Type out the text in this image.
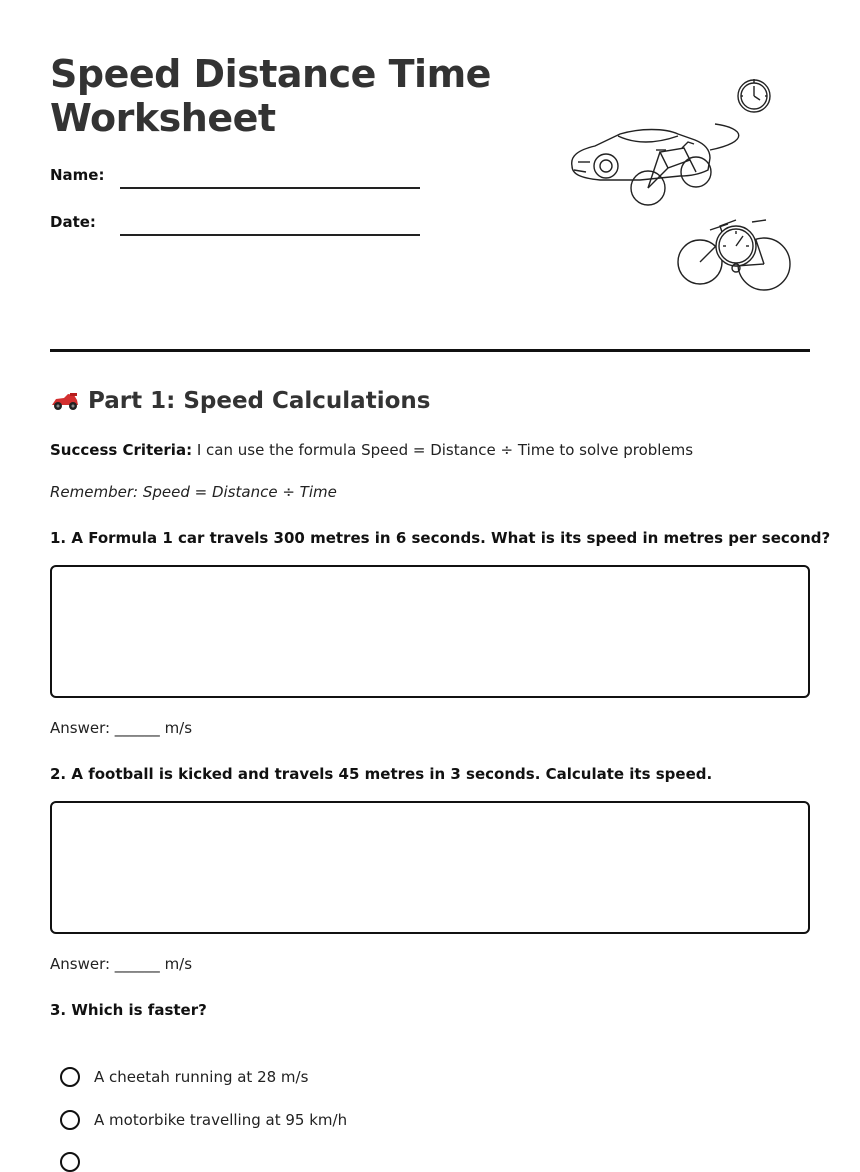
Speed Distance Time
Worksheet
Name:
Date:
Part 1: Speed Calculations
Success Criteria: I can use the formula Speed = Distance ÷ Time to solve problems
Remember: Speed = Distance ÷ Time
1. A Formula 1 car travels 300 metres in 6 seconds. What is its speed in metres per second?
Answer: ______ m/s
2. A football is kicked and travels 45 metres in 3 seconds. Calculate its speed.
Answer: ______ m/s
3. Which is faster?
A cheetah running at 28 m/s
A motorbike travelling at 95 km/h
